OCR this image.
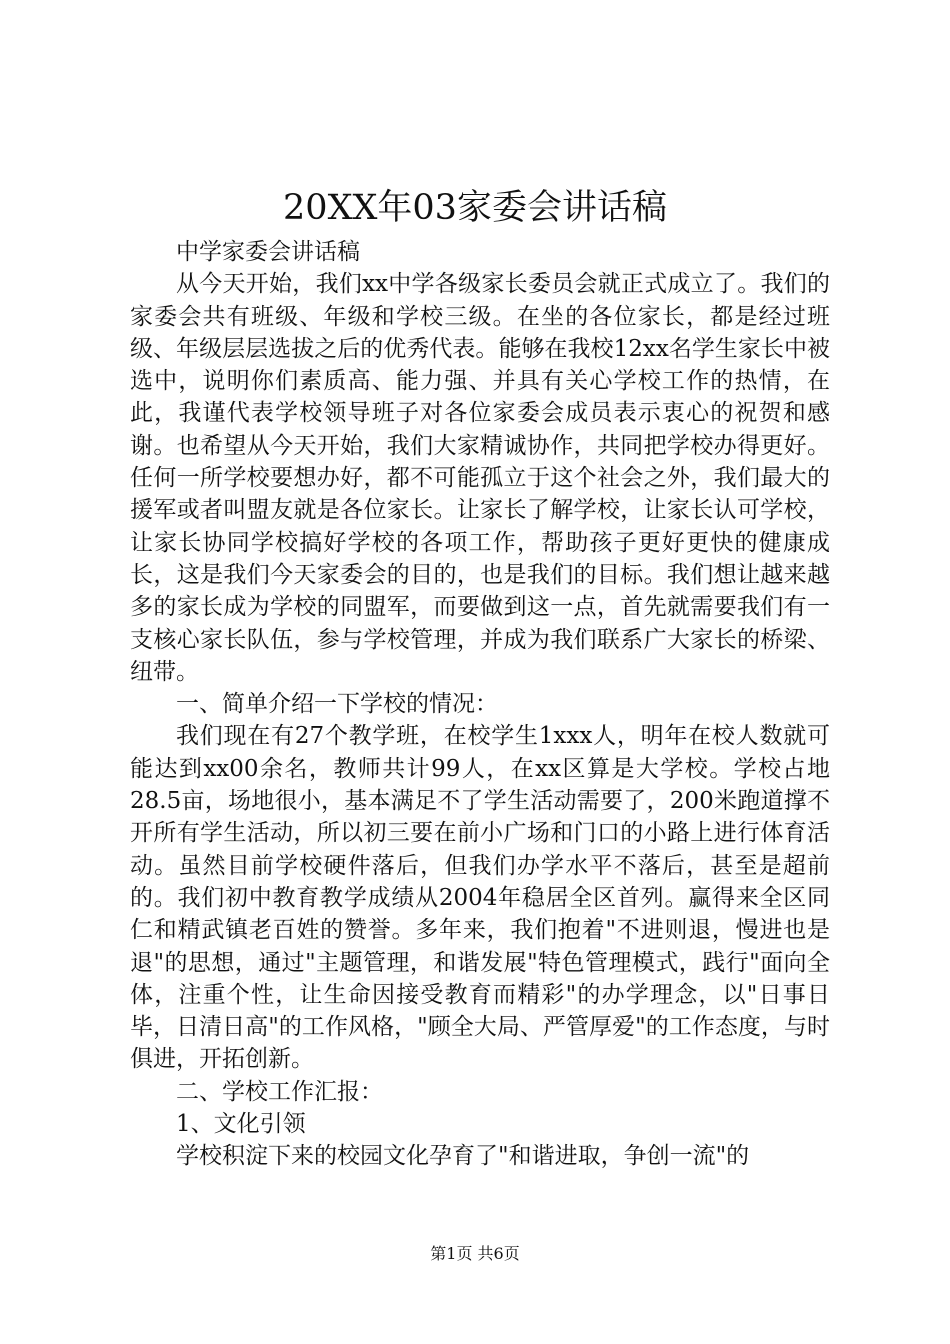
20XX年03家委会讲话稿

中学家委会讲话稿

从今天开始，我们xx中学各级家长委员会就正式成立了。我们的家委会共有班级、年级和学校三级。在坐的各位家长，都是经过班级、年级层层选拔之后的优秀代表。能够在我校12xx名学生家长中被选中，说明你们素质高、能力强、并具有关心学校工作的热情，在此，我谨代表学校领导班子对各位家委会成员表示衷心的祝贺和感谢。也希望从今天开始，我们大家精诚协作，共同把学校办得更好。任何一所学校要想办好，都不可能孤立于这个社会之外，我们最大的援军或者叫盟友就是各位家长。让家长了解学校，让家长认可学校，让家长协同学校搞好学校的各项工作，帮助孩子更好更快的健康成长，这是我们今天家委会的目的，也是我们的目标。我们想让越来越多的家长成为学校的同盟军，而要做到这一点，首先就需要我们有一支核心家长队伍，参与学校管理，并成为我们联系广大家长的桥梁、纽带。

一、简单介绍一下学校的情况：

我们现在有27个教学班，在校学生1xxx人，明年在校人数就可能达到xx00余名，教师共计99人，在xx区算是大学校。学校占地28.5亩，场地很小，基本满足不了学生活动需要了，200米跑道撑不开所有学生活动，所以初三要在前小广场和门口的小路上进行体育活动。虽然目前学校硬件落后，但我们办学水平不落后，甚至是超前的。我们初中教育教学成绩从2004年稳居全区首列。赢得来全区同仁和精武镇老百姓的赞誉。多年来，我们抱着"不进则退，慢进也是退"的思想，通过"主题管理，和谐发展"特色管理模式，践行"面向全体，注重个性，让生命因接受教育而精彩"的办学理念，以"日事日毕，日清日高"的工作风格，"顾全大局、严管厚爱"的工作态度，与时俱进，开拓创新。

二、学校工作汇报：

1、文化引领

学校积淀下来的校园文化孕育了"和谐进取，争创一流"的

第1页 共6页
